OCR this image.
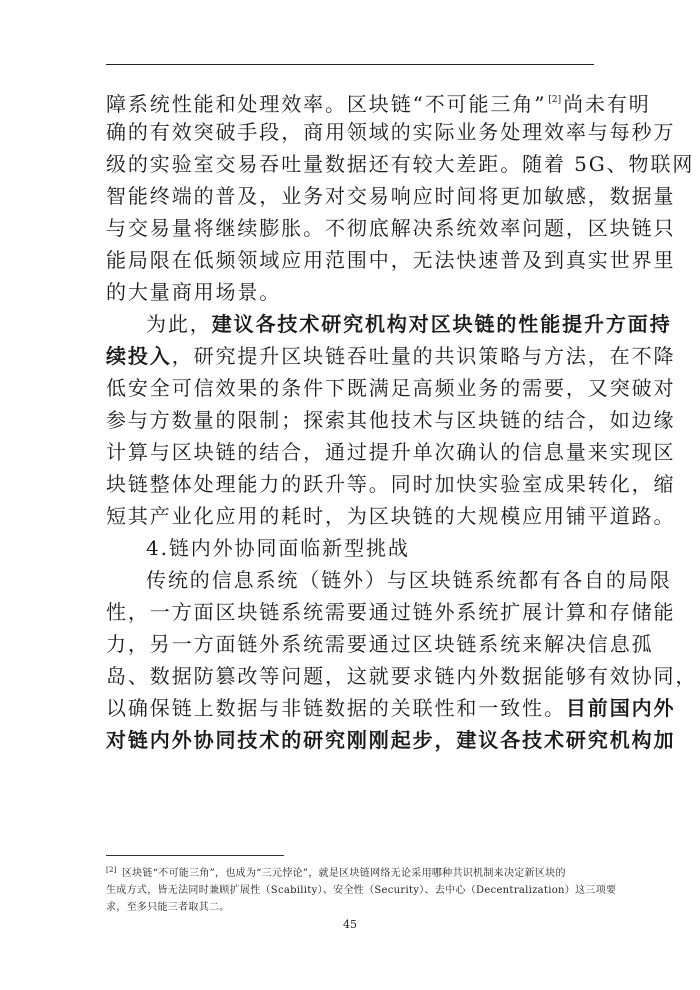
障系统性能和处理效率。区块链“不可能三角” [2] 尚未有明
确的有效突破手段，商用领域的实际业务处理效率与每秒万
级的实验室交易吞吐量数据还有较大差距。随着 5G、物联网
智能终端的普及，业务对交易响应时间将更加敏感，数据量
与交易量将继续膨胀。不彻底解决系统效率问题，区块链只
能局限在低频领域应用范围中，无法快速普及到真实世界里
的大量商用场景。
为此，建议各技术研究机构对区块链的性能提升方面持
续投入，研究提升区块链吞吐量的共识策略与方法，在不降
低安全可信效果的条件下既满足高频业务的需要，又突破对
参与方数量的限制；探索其他技术与区块链的结合，如边缘
计算与区块链的结合，通过提升单次确认的信息量来实现区
块链整体处理能力的跃升等。同时加快实验室成果转化，缩
短其产业化应用的耗时，为区块链的大规模应用铺平道路。
4.链内外协同面临新型挑战
传统的信息系统（链外）与区块链系统都有各自的局限
性，一方面区块链系统需要通过链外系统扩展计算和存储能
力，另一方面链外系统需要通过区块链系统来解决信息孤
岛、数据防篡改等问题，这就要求链内外数据能够有效协同，
以确保链上数据与非链数据的关联性和一致性。目前国内外
对链内外协同技术的研究刚刚起步，建议各技术研究机构加
[2] 区块链“不可能三角”，也成为“三元悖论”，就是区块链网络无论采用哪种共识机制来决定新区块的
生成方式，皆无法同时兼顾扩展性（Scability）、安全性（Security）、去中心（Decentralization）这三项要
求，至多只能三者取其二。
45
